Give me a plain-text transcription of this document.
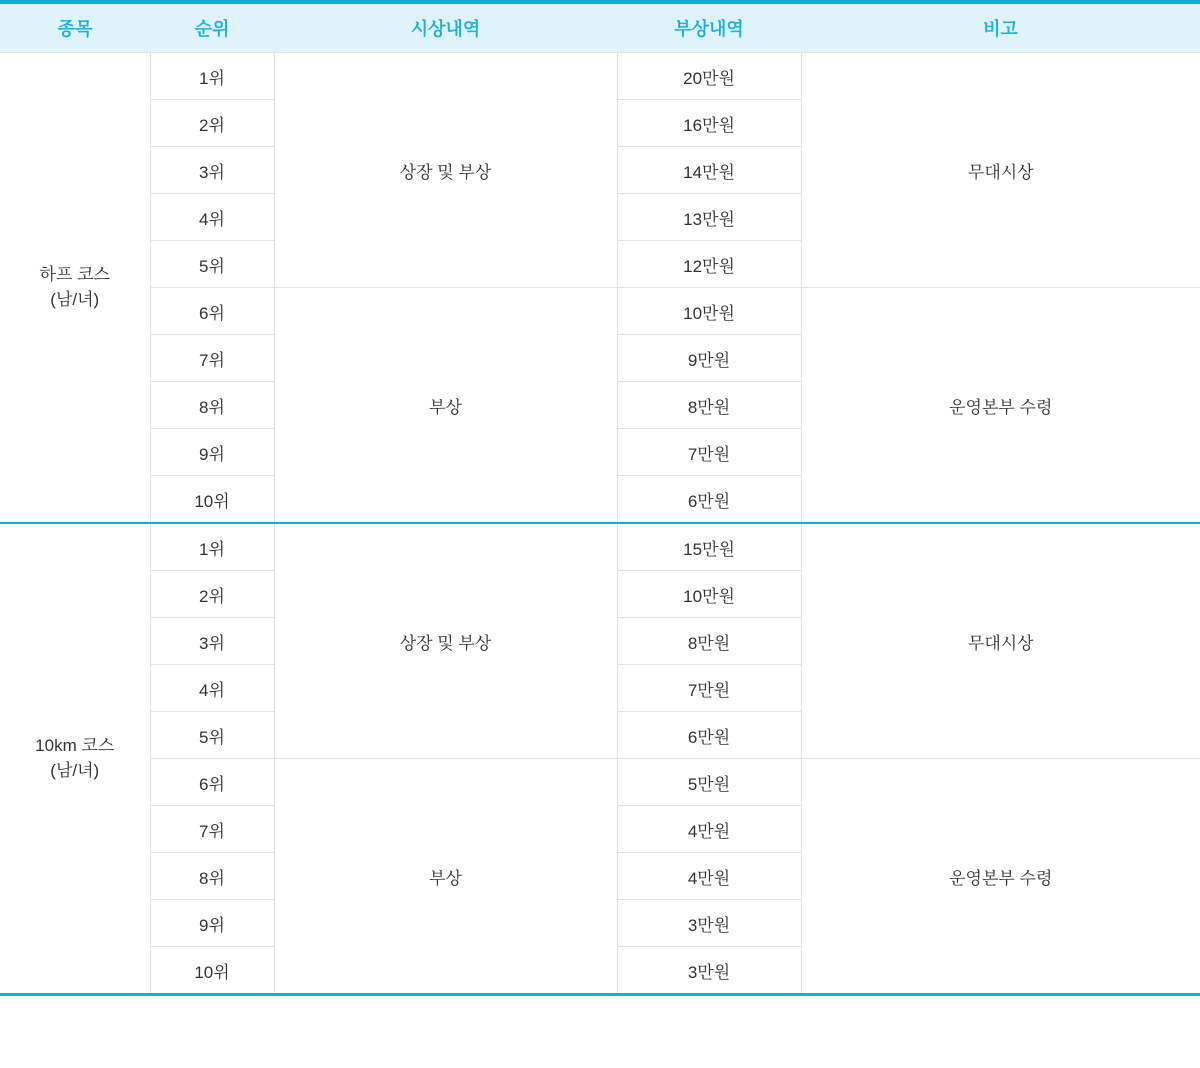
종목	순위	시상내역	부상내역	비고

하프 코스
(남/녀)	1위	상장 및 부상	20만원	무대시상
	2위		16만원	
	3위		14만원	
	4위		13만원	
	5위		12만원	
	6위	부상	10만원	운영본부 수령
	7위		9만원	
	8위		8만원	
	9위		7만원	
	10위		6만원	

10km 코스
(남/녀)	1위	상장 및 부상	15만원	무대시상
	2위		10만원	
	3위		8만원	
	4위		7만원	
	5위		6만원	
	6위	부상	5만원	운영본부 수령
	7위		4만원	
	8위		4만원	
	9위		3만원	
	10위		3만원	
